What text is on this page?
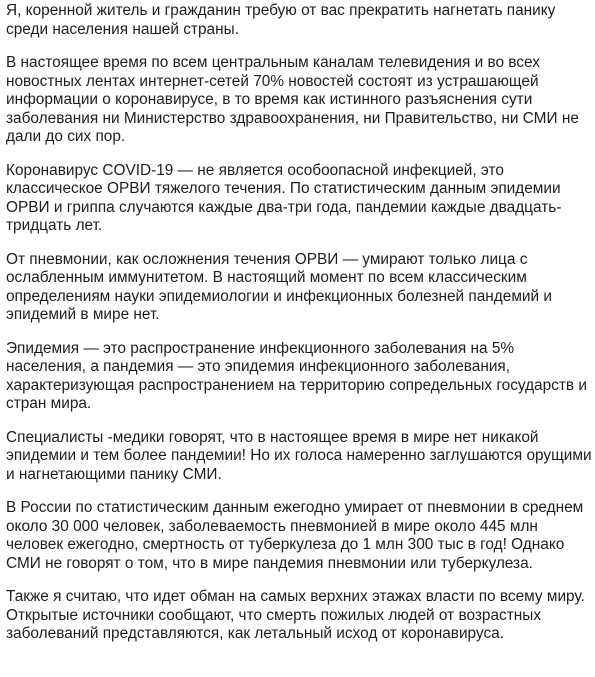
Я, коренной житель и гражданин требую от вас прекратить нагнетать панику среди населения нашей страны.

В настоящее время по всем центральным каналам телевидения и во всех новостных лентах интернет-сетей 70% новостей состоят из устрашающей информации о коронавирусе, в то время как истинного разъяснения сути заболевания ни Министерство здравоохранения, ни Правительство, ни СМИ не дали до сих пор.

Коронавирус COVID-19 — не является особоопасной инфекцией, это классическое ОРВИ тяжелого течения. По статистическим данным эпидемии ОРВИ и гриппа случаются каждые два-три года, пандемии каждые двадцать-тридцать лет.

От пневмонии, как осложнения течения ОРВИ — умирают только лица с ослабленным иммунитетом. В настоящий момент по всем классическим определениям науки эпидемиологии и инфекционных болезней пандемий и эпидемий в мире нет.

Эпидемия — это распространение инфекционного заболевания на 5% населения, а пандемия — это эпидемия инфекционного заболевания, характеризующая распространением на территорию сопредельных государств и стран мира.

Специалисты -медики говорят, что в настоящее время в мире нет никакой эпидемии и тем более пандемии! Но их голоса намеренно заглушаются орущими и нагнетающими панику СМИ.

В России по статистическим данным ежегодно умирает от пневмонии в среднем около 30 000 человек, заболеваемость пневмонией в мире около 445 млн человек ежегодно, смертность от туберкулеза до 1 млн 300 тыс в год! Однако СМИ не говорят о том, что в мире пандемия пневмонии или туберкулеза.

Также я считаю, что идет обман на самых верхних этажах власти по всему миру. Открытые источники сообщают, что смерть пожилых людей от возрастных заболеваний представляются, как летальный исход от коронавируса.
